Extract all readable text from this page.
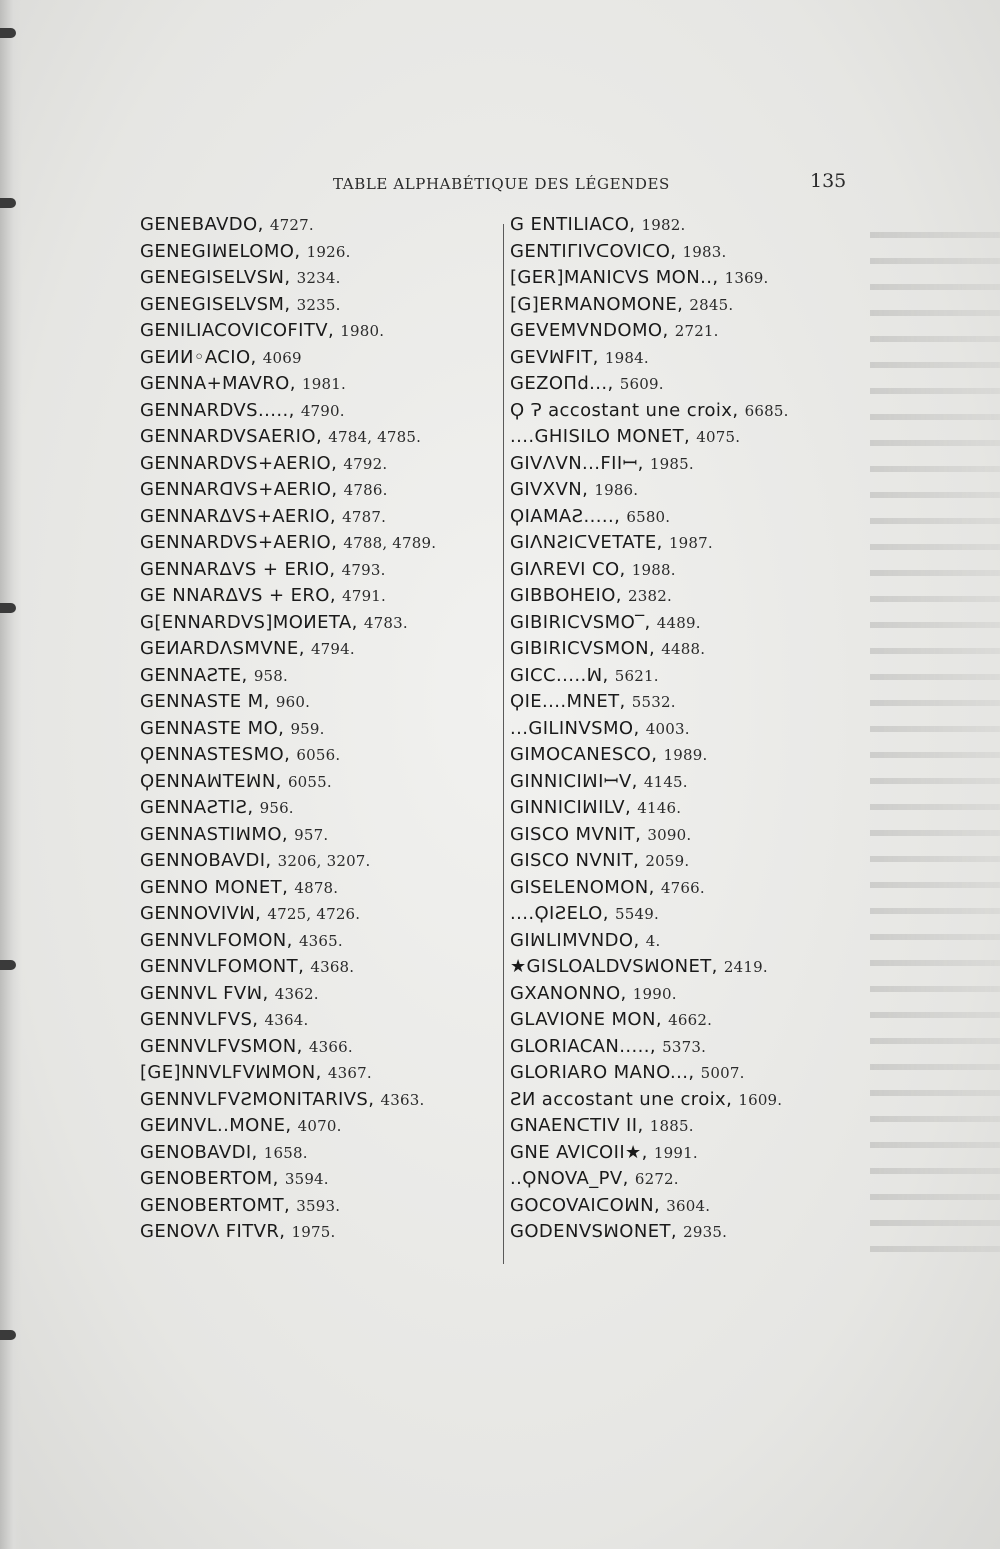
TABLE ALPHABÉTIQUE DES LÉGENDES	135
GENEBAVDO, 4727.
GENEGIꟽELOMO, 1926.
GENEGISELVSꟽ, 3234.
GENEGISELVSM, 3235.
GENILIACOVICOFITV, 1980.
GEИИ◦ACIO, 4069
GENNA+MAVRO, 1981.
GENNARDVS....., 4790.
GENNARDVSAERIO, 4784, 4785.
GENNARDVS+AERIO, 4792.
GENNARᗡVS+AERIO, 4786.
GENNARΔVS+AERIO, 4787.
GENNARDVS+AERIO, 4788, 4789.
GENNARΔVS + ERIO, 4793.
GE NNARΔVS + ERO, 4791.
G[ENNARDVS]MOИETA, 4783.
GEИARDΛSMVNE, 4794.
GENNAƧTE, 958.
GENNASTE M, 960.
GENNASTE MO, 959.
ϘENNASTESMO, 6056.
ϘENNAꟽTEꟽN, 6055.
GENNAƧTIƧ, 956.
GENNASTIꟽMO, 957.
GENNOBAVDI, 3206, 3207.
GENNO MONET, 4878.
GENNOVIVꟽ, 4725, 4726.
GENNVLFOMON, 4365.
GENNVLFOMONT, 4368.
GENNVL FVꟽ, 4362.
GENNVLFVS, 4364.
GENNVLFVSMON, 4366.
[GE]NNVLFVꟽMON, 4367.
GENNVLFVƧMONITARIVS, 4363.
GEИNVL..MONE, 4070.
GENOBAVDI, 1658.
GENOBERTOM, 3594.
GENOBERTOMT, 3593.
GENOVΛ FITVR, 1975.
G ENTILIACO, 1982.
GENTIΓIVᑕOVIᑕO, 1983.
[GER]MANICVS MON.., 1369.
[G]ERMANOMONE, 2845.
GEVEMVNDOMO, 2721.
GEVꟽFIT, 1984.
GEZOПd..., 5609.
Ϙ Ɂ accostant une croix, 6685.
....GHISILO MONET, 4075.
GIVΛVN...FIIꟷ, 1985.
GIVXVN, 1986.
ϘIAMAƧ....., 6580.
GIΛNƧIᑕVETATE, 1987.
GIΛREVI CO, 1988.
GIBBOHEIO, 2382.
GIBIRICVSMO‾, 4489.
GIBIRICVSMON, 4488.
GICC.....ꟽ, 5621.
ϘIE....MNET, 5532.
...GILINVSMO, 4003.
GIMOCANESCO, 1989.
GINNICIꟽIꟷV, 4145.
GINNICIꟽILV, 4146.
GISCO MVNIT, 3090.
GISCO NVNIT, 2059.
GISELENOMON, 4766.
....ϘIƧELO, 5549.
GIꟽLIMVNDO, 4.
★GISLOALDVSꟽONET, 2419.
GXANONNO, 1990.
GLAVIONE MON, 4662.
GLORIACAN....., 5373.
GLORIARO MANO..., 5007.
ƧИ accostant une croix, 1609.
GNAENᑕTIV II, 1885.
GNE AVICOII★, 1991.
..ϘNOVA_PV, 6272.
GOCOVAIᑕOꟽN, 3604.
GODENVSꟽONET, 2935.
